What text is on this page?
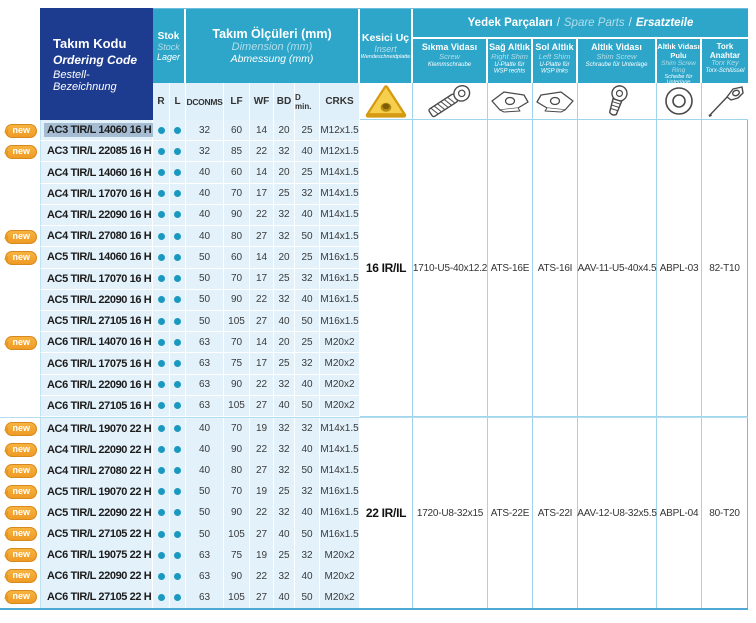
Takım Kodu
Ordering Code
Bestell-Bezeichnung
Stok
Stock
Lager
Takım Ölçüleri (mm)
Dimension (mm)
Abmessung (mm)
Kesici Uç
Insert
Wendeschneidplatte
Yedek Parçaları / Spare Parts / Ersatzteile
Sıkma Vidası
Screw
Klemmschraube
Sağ Altlık
Right Shim
U-Platte für WSP rechts
Sol Altlık
Left Shim
U-Platte für WSP links
Altlık Vidası
Shim Screw
Schraube für Unterlage
Altlık Vidası Pulu
Shim Screw Ring
Scheibe für Unterlage
Tork Anahtar
Torx Key
Torx-Schlüssel
R L DCONMS LF	WF BD D min.	CRKS
new	AC3 TIR/L 14060 16 H	32	60	14	20	25 M12x1.5
new	AC3 TIR/L 22085 16 H	32	85	22	32	40 M12x1.5
AC4 TIR/L 14060 16 H	40	60	14	20	25 M14x1.5
AC4 TIR/L 17070 16 H	40	70	17	25	32 M14x1.5
AC4 TIR/L 22090 16 H	40	90	22	32	40 M14x1.5
new	AC4 TIR/L 27080 16 H	40	80	27	32	50 M14x1.5
new	AC5 TIR/L 14060 16 H	50	60	14	20	25 M16x1.5
AC5 TIR/L 17070 16 H	50	70	17	25	32 M16x1.5
AC5 TIR/L 22090 16 H	50	90	22	32	40 M16x1.5
AC5 TIR/L 27105 16 H	50	105	27	40	50 M16x1.5
new	AC6 TIR/L 14070 16 H	63	70	14	20	25	M20x2
AC6 TIR/L 17075 16 H	63	75	17	25	32	M20x2
AC6 TIR/L 22090 16 H	63	90	22	32	40	M20x2
AC6 TIR/L 27105 16 H	63	105	27	40	50	M20x2
16 IR/IL 1710-U5-40x12.2 ATS-16E ATS-16I AAV-11-U5-40x4.5 ABPL-03	82-T10
new	AC4 TIR/L 19070 22 H	40	70	19	32	32 M14x1.5
new	AC4 TIR/L 22090 22 H	40	90	22	32	40 M14x1.5
new	AC4 TIR/L 27080 22 H	40	80	27	32	50 M14x1.5
new	AC5 TIR/L 19070 22 H	50	70	19	25	32 M16x1.5
new	AC5 TIR/L 22090 22 H	50	90	22	32	40 M16x1.5
new	AC5 TIR/L 27105 22 H	50	105	27	40	50 M16x1.5
new	AC6 TIR/L 19075 22 H	63	75	19	25	32	M20x2
new	AC6 TIR/L 22090 22 H	63	90	22	32	40	M20x2
new	AC6 TIR/L 27105 22 H	63	105	27	40	50	M20x2
22 IR/IL	1720-U8-32x15 ATS-22E ATS-22I AAV-12-U8-32x5.5 ABPL-04	80-T20
